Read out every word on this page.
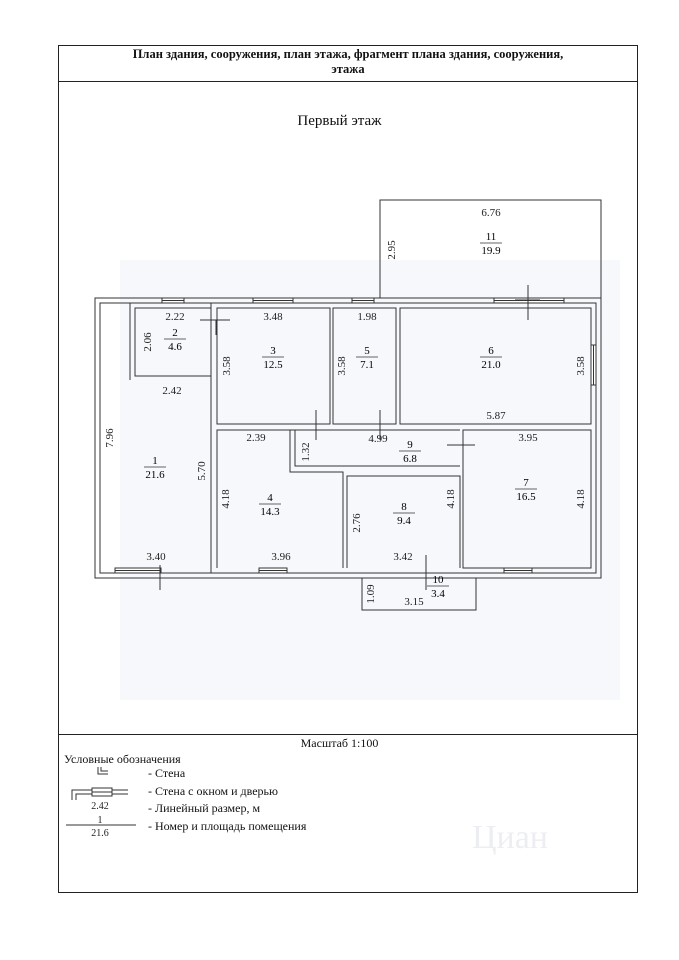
План здания, сооружения, план этажа, фрагмент плана здания, сооружения,
этажа
Первый этаж
1
21.6
2
4.6	3
12.5
4
14.3
5
7.1
6
21.0
7
16.5
8
9.4
9
6.8
10
3.4
11
19.9
6.76
2.95
2.22	3.48	1.98
2.06
3.58	3.58	3.58
2.42
5.87
7.96
5.70
2.39
1.32
4.99	3.95
4.18	4.18	4.18
2.76
3.40	3.96	3.42
1.09 3.15
2.42
1
21.6	Циан
Масштаб 1:100
Условные обозначения
- Стена
- Стена с окном и дверью
- Линейный размер, м
- Номер и площадь помещения
